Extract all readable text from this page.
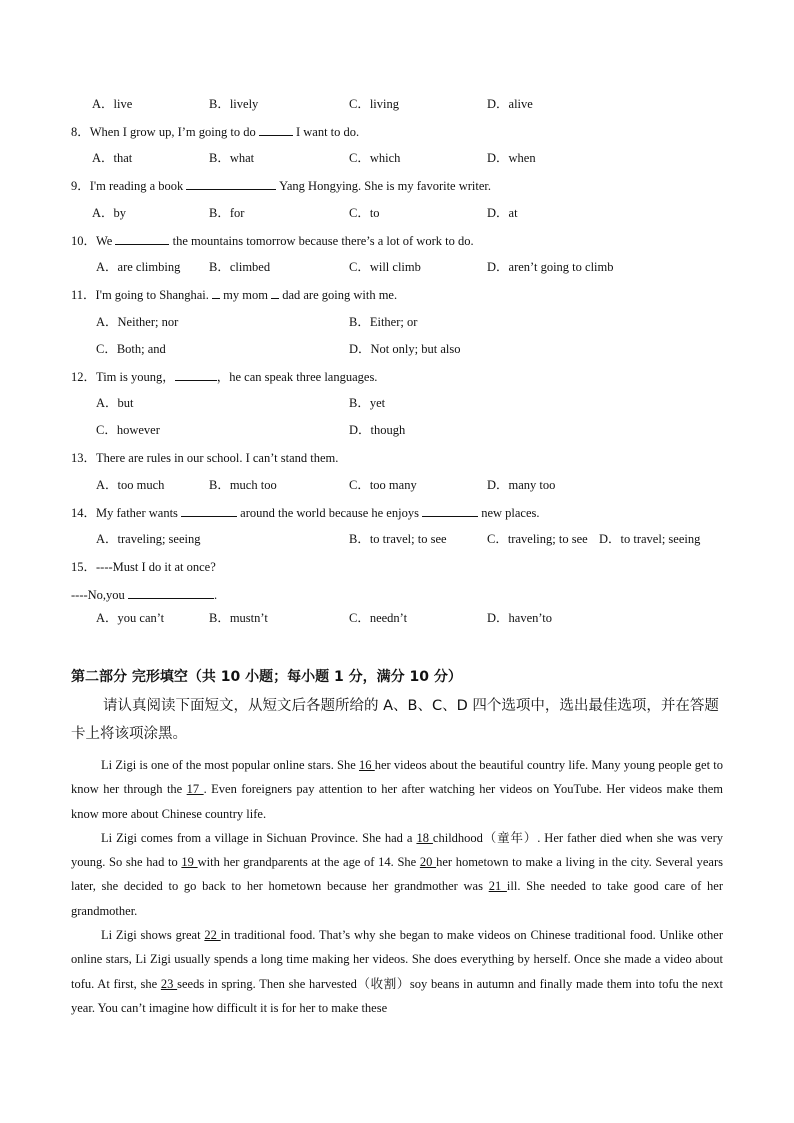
A．live	B．lively	C．living	D．alive
8．When I grow up, I’m going to do	I want to do.
A．that	B．what	C．which	D．when
9．I'm reading a book	Yang Hongying. She is my favorite writer.
A．by	B．for	C．to	D．at
10．We	the mountains tomorrow because there’s a lot of work to do.
A．are climbing B．climbed	C．will climb	D．aren’t going to climb
11．I'm going to Shanghai. my mom dad are going with me.
A．Neither; nor	B．Either; or
C．Both; and	D．Not only; but also
12．Tim is young，	，he can speak three languages.
A．but	B．yet
C．however	D．though
13．There are rules in our school. I can’t stand them.
A．too much	B．much too	C．too many	D．many too
14．My father wants	around the world because he enjoys	new places.
A．traveling; seeing	B．to travel; to see	C．traveling; to see D．to travel; seeing
15．----Must I do it at once?
----No,you	.
A．you can’t	B．mustn’t	C．needn’t	D．haven’to
第二部分 完形填空（共 10 小题；每小题 1 分，满分 10 分）
请认真阅读下面短文，从短文后各题所给的 A、B、C、D 四个选项中，选出最佳选项，并在答题卡上将该项涂黑。

Li Zigi is one of the most popular online stars. She 16 her videos about the beautiful country life. Many young people get to know her through the 17 . Even foreigners pay attention to her after watching her videos on YouTube. Her videos make them know more about Chinese country life.

Li Zigi comes from a village in Sichuan Province. She had a 18 childhood（童年）. Her father died when she was very young. So she had to 19 with her grandparents at the age of 14. She 20 her hometown to make a living in the city. Several years later, she decided to go back to her hometown because her grandmother was 21 ill. She needed to take good care of her grandmother.

Li Zigi shows great 22 in traditional food. That’s why she began to make videos on Chinese traditional food. Unlike other online stars, Li Zigi usually spends a long time making her videos. She does everything by herself. Once she made a video about tofu. At first, she 23 seeds in spring. Then she harvested（收割）soy beans in autumn and finally made them into tofu the next year. You can’t imagine how difficult it is for her to make these
